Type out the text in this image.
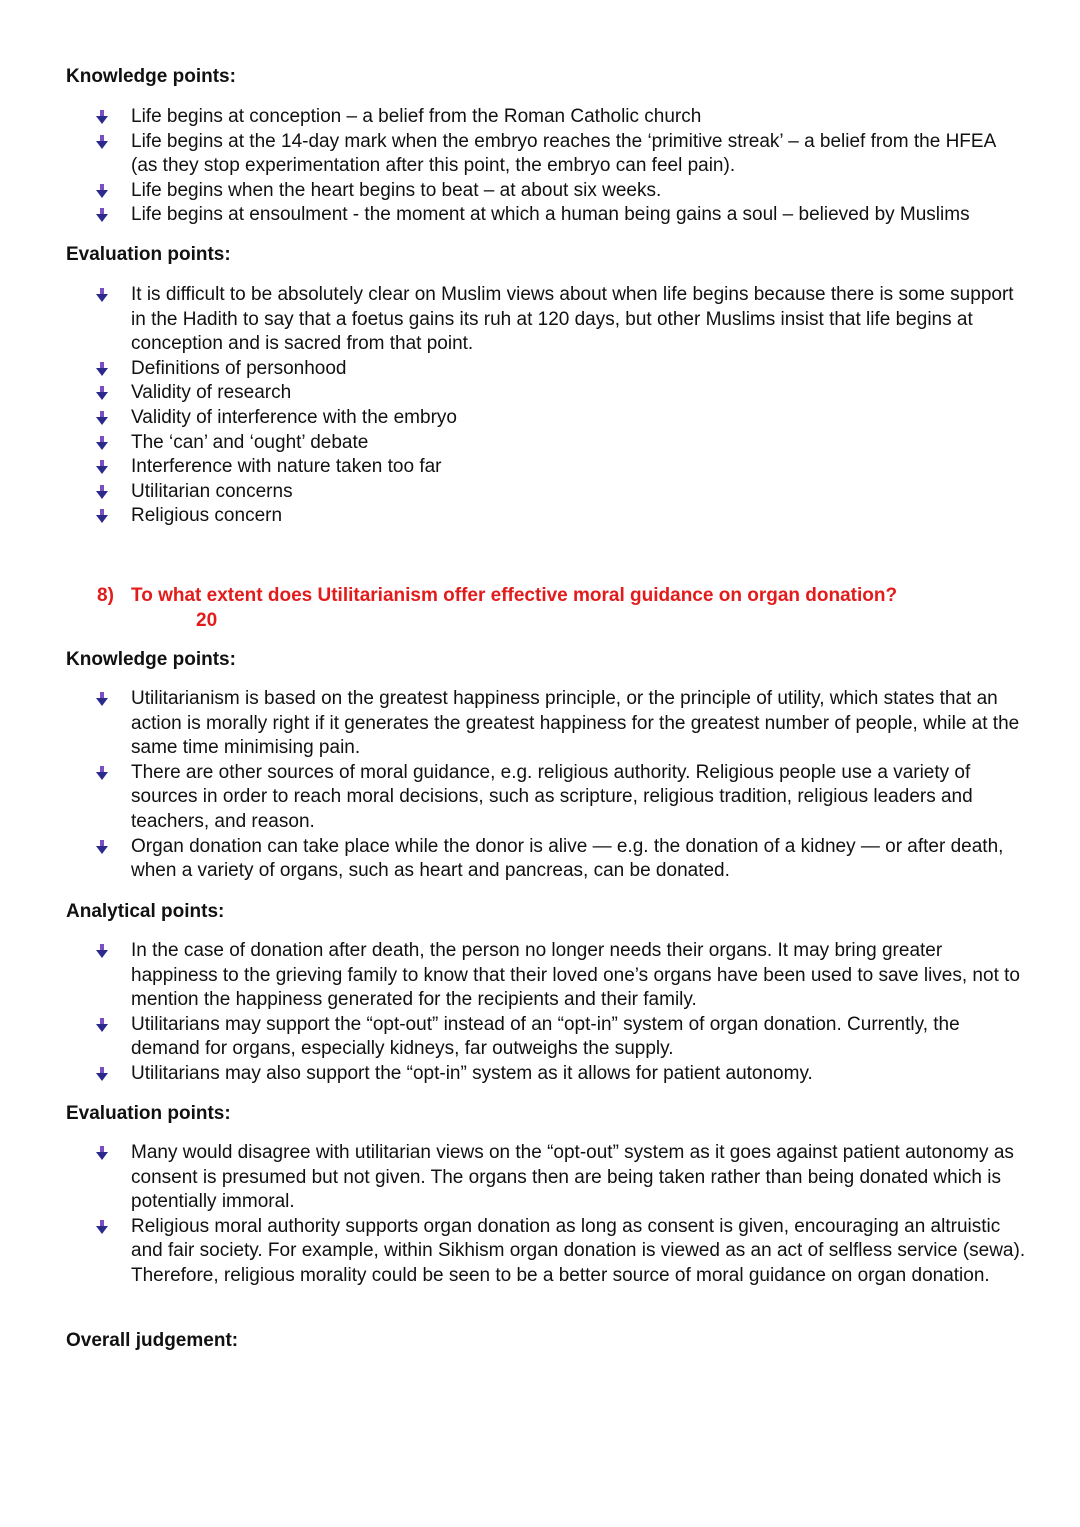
Knowledge points:
Life begins at conception – a belief from the Roman Catholic church
Life begins at the 14-day mark when the embryo reaches the ‘primitive streak’ – a belief from the HFEA (as they stop experimentation after this point, the embryo can feel pain).
Life begins when the heart begins to beat – at about six weeks.
Life begins at ensoulment - the moment at which a human being gains a soul – believed by Muslims
Evaluation points:
It is difficult to be absolutely clear on Muslim views about when life begins because there is some support in the Hadith to say that a foetus gains its ruh at 120 days, but other Muslims insist that life begins at conception and is sacred from that point.
Definitions of personhood
Validity of research
Validity of interference with the embryo
The ‘can’ and ‘ought’ debate
Interference with nature taken too far
Utilitarian concerns
Religious concern
8) To what extent does Utilitarianism offer effective moral guidance on organ donation?
20
Knowledge points:
Utilitarianism is based on the greatest happiness principle, or the principle of utility, which states that an action is morally right if it generates the greatest happiness for the greatest number of people, while at the same time minimising pain.
There are other sources of moral guidance, e.g. religious authority. Religious people use a variety of sources in order to reach moral decisions, such as scripture, religious tradition, religious leaders and teachers, and reason.
Organ donation can take place while the donor is alive — e.g. the donation of a kidney — or after death, when a variety of organs, such as heart and pancreas, can be donated.
Analytical points:
In the case of donation after death, the person no longer needs their organs. It may bring greater happiness to the grieving family to know that their loved one’s organs have been used to save lives, not to mention the happiness generated for the recipients and their family.
Utilitarians may support the “opt-out” instead of an “opt-in” system of organ donation. Currently, the demand for organs, especially kidneys, far outweighs the supply.
Utilitarians may also support the “opt-in” system as it allows for patient autonomy.
Evaluation points:
Many would disagree with utilitarian views on the “opt-out” system as it goes against patient autonomy as consent is presumed but not given. The organs then are being taken rather than being donated which is potentially immoral.
Religious moral authority supports organ donation as long as consent is given, encouraging an altruistic and fair society. For example, within Sikhism organ donation is viewed as an act of selfless service (sewa). Therefore, religious morality could be seen to be a better source of moral guidance on organ donation.
Overall judgement:
